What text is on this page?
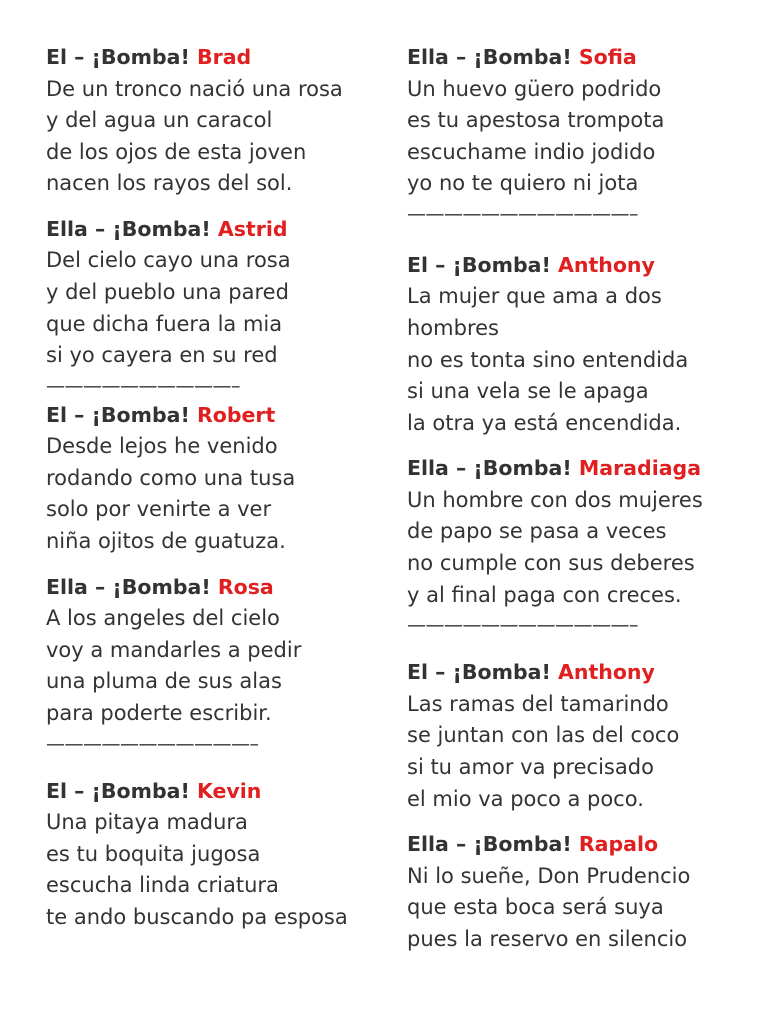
El – ¡Bomba! Brad
De un tronco nació una rosa
y del agua un caracol
de los ojos de esta joven
nacen los rayos del sol.
Ella – ¡Bomba! Astrid
Del cielo cayo una rosa
y del pueblo una pared
que dicha fuera la mia
si yo cayera en su red
——————————–
El – ¡Bomba! Robert
Desde lejos he venido
rodando como una tusa
solo por venirte a ver
niña ojitos de guatuza.
Ella – ¡Bomba! Rosa
A los angeles del cielo
voy a mandarles a pedir
una pluma de sus alas
para poderte escribir.
———————————–
El – ¡Bomba! Kevin
Una pitaya madura
es tu boquita jugosa
escucha linda criatura
te ando buscando pa esposa
Ella – ¡Bomba! Sofia
Un huevo güero podrido
es tu apestosa trompota
escuchame indio jodido
yo no te quiero ni jota
————————————–
El – ¡Bomba! Anthony
La mujer que ama a dos
hombres
no es tonta sino entendida
si una vela se le apaga
la otra ya está encendida.
Ella – ¡Bomba! Maradiaga
Un hombre con dos mujeres
de papo se pasa a veces
no cumple con sus deberes
y al final paga con creces.
————————————–
El – ¡Bomba! Anthony
Las ramas del tamarindo
se juntan con las del coco
si tu amor va precisado
el mio va poco a poco.
Ella – ¡Bomba! Rapalo
Ni lo sueñe, Don Prudencio
que esta boca será suya
pues la reservo en silencio
